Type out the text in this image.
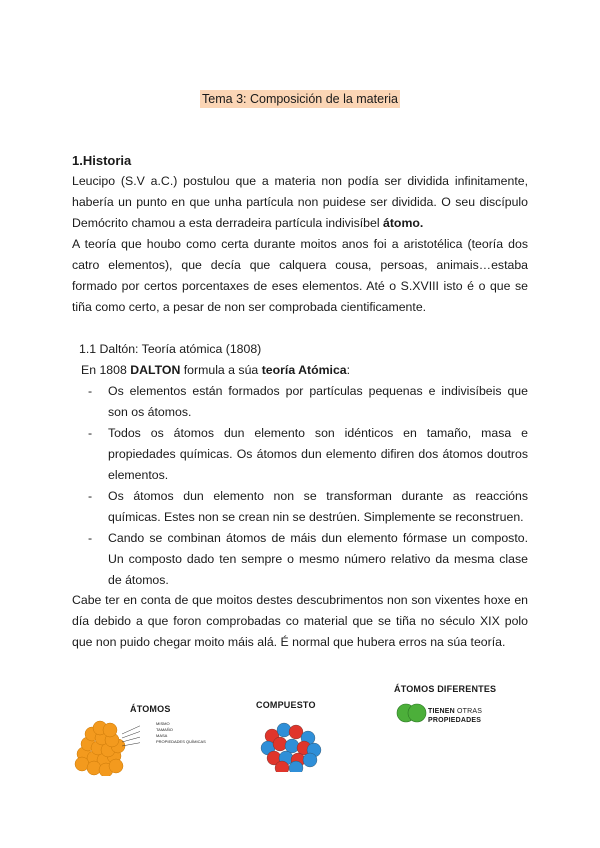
Tema 3: Composición de la materia
1.Historia

Leucipo (S.V a.C.) postulou que a materia non podía ser dividida infinitamente, habería un punto en que unha partícula non puidese ser dividida. O seu discípulo Demócrito chamou a esta derradeira partícula indivisíbel átomo.

A teoría que houbo como certa durante moitos anos foi a aristotélica (teoría dos catro elementos), que decía que calquera cousa, persoas, animais…estaba formado por certos porcentaxes de eses elementos. Até o S.XVIII isto é o que se tiña como certo, a pesar de non ser comprobada cientificamente.

1.1 Daltón: Teoría atómica (1808)
En 1808 DALTON formula a súa teoría Atómica:
- Os elementos están formados por partículas pequenas e indivisíbeis que son os átomos.
- Todos os átomos dun elemento son idénticos en tamaño, masa e propiedades químicas. Os átomos dun elemento difiren dos átomos doutros elementos.
- Os átomos dun elemento non se transforman durante as reaccións químicas. Estes non se crean nin se destrúen. Simplemente se reconstruen.
- Cando se combinan átomos de máis dun elemento fórmase un composto. Un composto dado ten sempre o mesmo número relativo da mesma clase de átomos.

Cabe ter en conta de que moitos destes descubrimentos non son vixentes hoxe en día debido a que foron comprobadas co material que se tiña no século XIX polo que non puido chegar moito máis alá. É normal que hubera erros na súa teoría.

ÁTOMOS
MISMO
TAMAÑO
MASA
PROPIEDADES QUÍMICAS
COMPUESTO
ÁTOMOS DIFERENTES
TIENEN OTRAS
PROPIEDADES
